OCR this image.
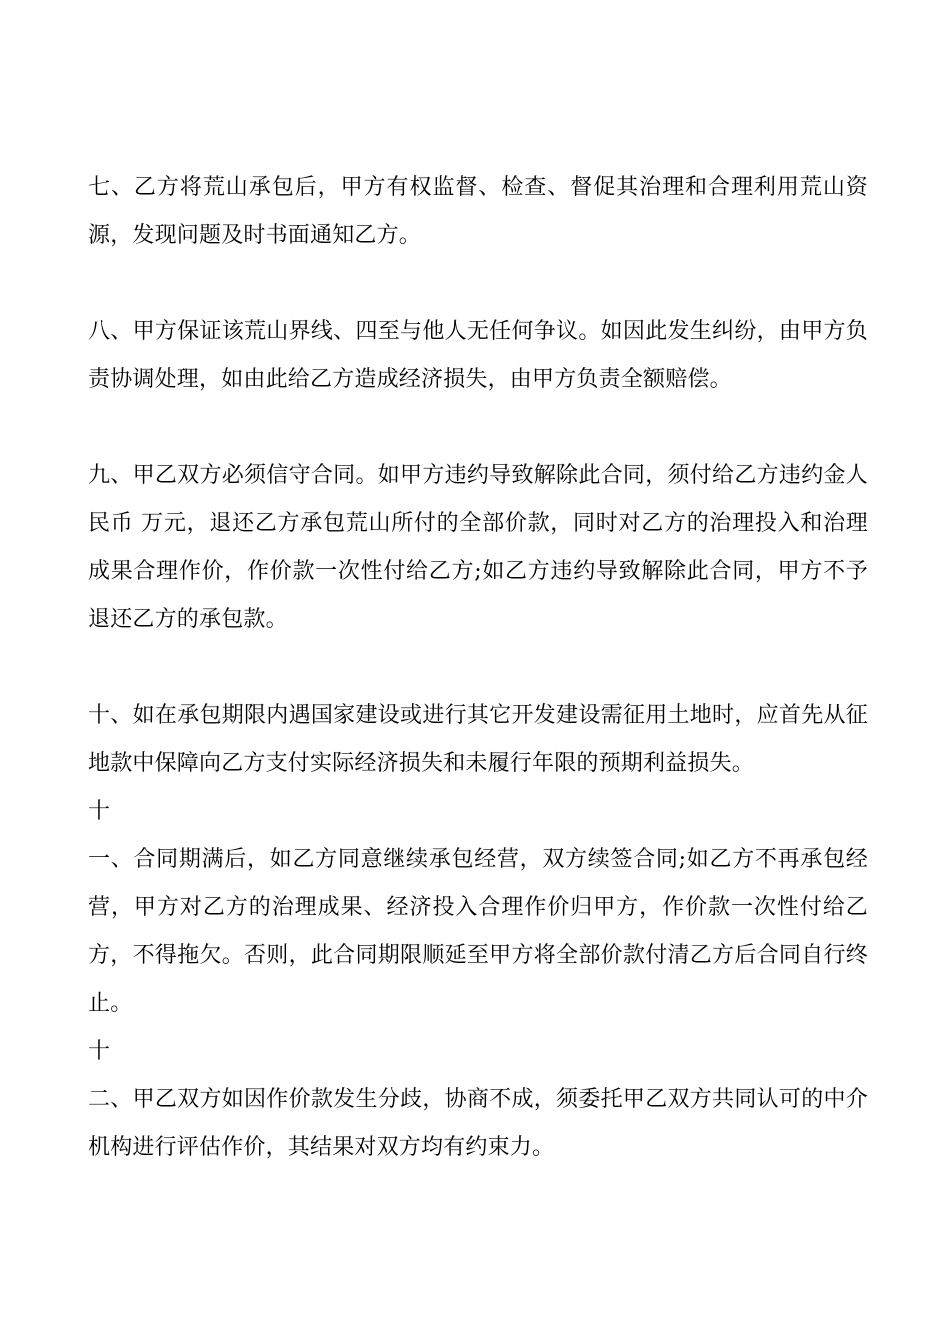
七、乙方将荒山承包后，甲方有权监督、检查、督促其治理和合理利用荒山资源，发现问题及时书面通知乙方。

八、甲方保证该荒山界线、四至与他人无任何争议。如因此发生纠纷，由甲方负责协调处理，如由此给乙方造成经济损失，由甲方负责全额赔偿。

九、甲乙双方必须信守合同。如甲方违约导致解除此合同，须付给乙方违约金人民币 万元，退还乙方承包荒山所付的全部价款，同时对乙方的治理投入和治理成果合理作价，作价款一次性付给乙方;如乙方违约导致解除此合同，甲方不予退还乙方的承包款。

十、如在承包期限内遇国家建设或进行其它开发建设需征用土地时，应首先从征地款中保障向乙方支付实际经济损失和未履行年限的预期利益损失。

十

一、合同期满后，如乙方同意继续承包经营，双方续签合同;如乙方不再承包经营，甲方对乙方的治理成果、经济投入合理作价归甲方，作价款一次性付给乙方，不得拖欠。否则，此合同期限顺延至甲方将全部价款付清乙方后合同自行终止。

十

二、甲乙双方如因作价款发生分歧，协商不成，须委托甲乙双方共同认可的中介机构进行评估作价，其结果对双方均有约束力。
